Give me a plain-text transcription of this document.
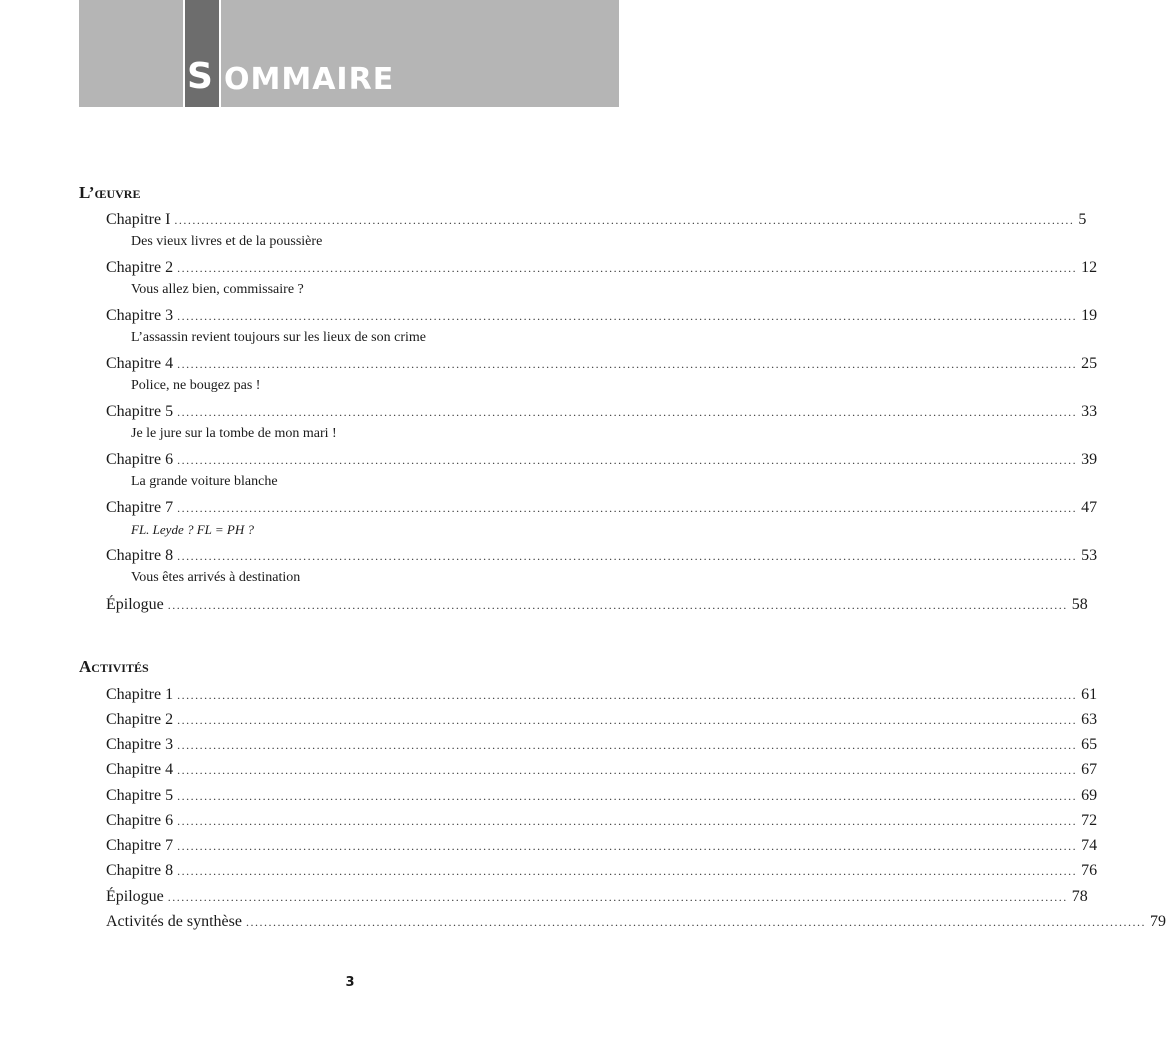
S OMMAIRE
L’œuvre
Chapitre I ........................................................................................................................................................................................................ 5
Des vieux livres et de la poussière
Chapitre 2 ........................................................................................................................................................................................................ 12
Vous allez bien, commissaire ?
Chapitre 3 ........................................................................................................................................................................................................ 19
L’assassin revient toujours sur les lieux de son crime
Chapitre 4 ........................................................................................................................................................................................................ 25
Police, ne bougez pas !
Chapitre 5 ........................................................................................................................................................................................................ 33
Je le jure sur la tombe de mon mari !
Chapitre 6 ........................................................................................................................................................................................................ 39
La grande voiture blanche
Chapitre 7 ........................................................................................................................................................................................................ 47
FL. Leyde ? FL = PH ?
Chapitre 8 ........................................................................................................................................................................................................ 53
Vous êtes arrivés à destination
Épilogue ........................................................................................................................................................................................................ 58
Activités
Chapitre 1 ........................................................................................................................................................................................................ 61
Chapitre 2 ........................................................................................................................................................................................................ 63
Chapitre 3 ........................................................................................................................................................................................................ 65
Chapitre 4 ........................................................................................................................................................................................................ 67
Chapitre 5 ........................................................................................................................................................................................................ 69
Chapitre 6 ........................................................................................................................................................................................................ 72
Chapitre 7 ........................................................................................................................................................................................................ 74
Chapitre 8 ........................................................................................................................................................................................................ 76
Épilogue ........................................................................................................................................................................................................ 78
Activités de synthèse ........................................................................................................................................................................................................ 79
3
